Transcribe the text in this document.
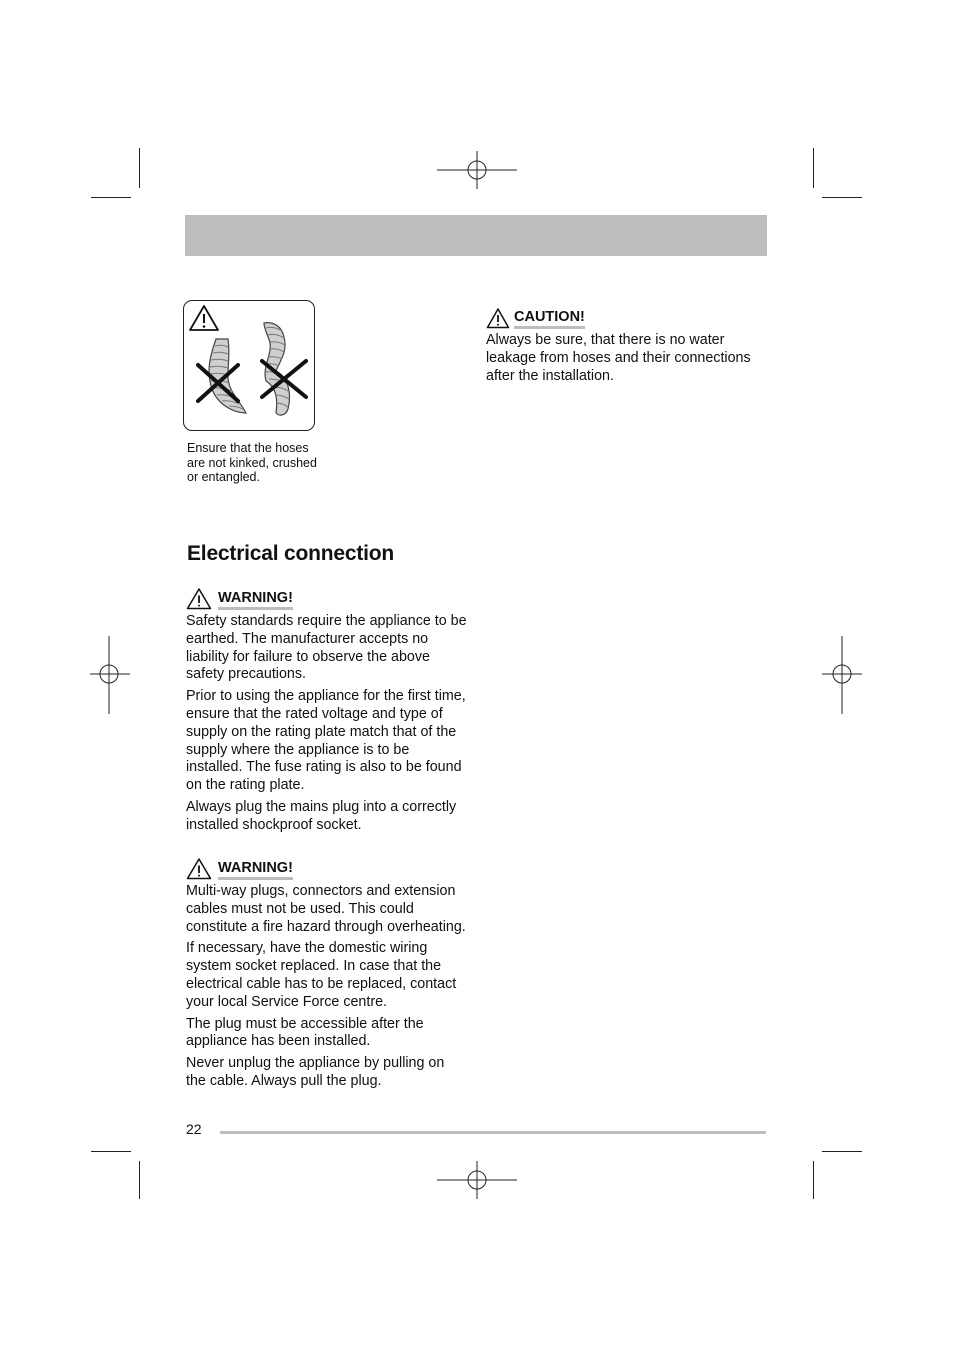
Ensure that the hoses are not kinked, crushed or entangled.
CAUTION!
Always be sure, that there is no water leakage from hoses and their connections after the installation.
Electrical connection
WARNING!

Safety standards require the appliance to be earthed. The manufacturer accepts no liability for failure to observe the above safety precautions.

Prior to using the appliance for the first time, ensure that the rated voltage and type of supply on the rating plate match that of the supply where the appliance is to be installed. The fuse rating is also to be found on the rating plate.

Always plug the mains plug into a correctly installed shockproof socket.

WARNING!

Multi-way plugs, connectors and extension cables must not be used. This could constitute a fire hazard through overheating.

If necessary, have the domestic wiring system socket replaced. In case that the electrical cable has to be replaced, contact your local Service Force centre.

The plug must be accessible after the appliance has been installed.

Never unplug the appliance by pulling on the cable. Always pull the plug.

22
